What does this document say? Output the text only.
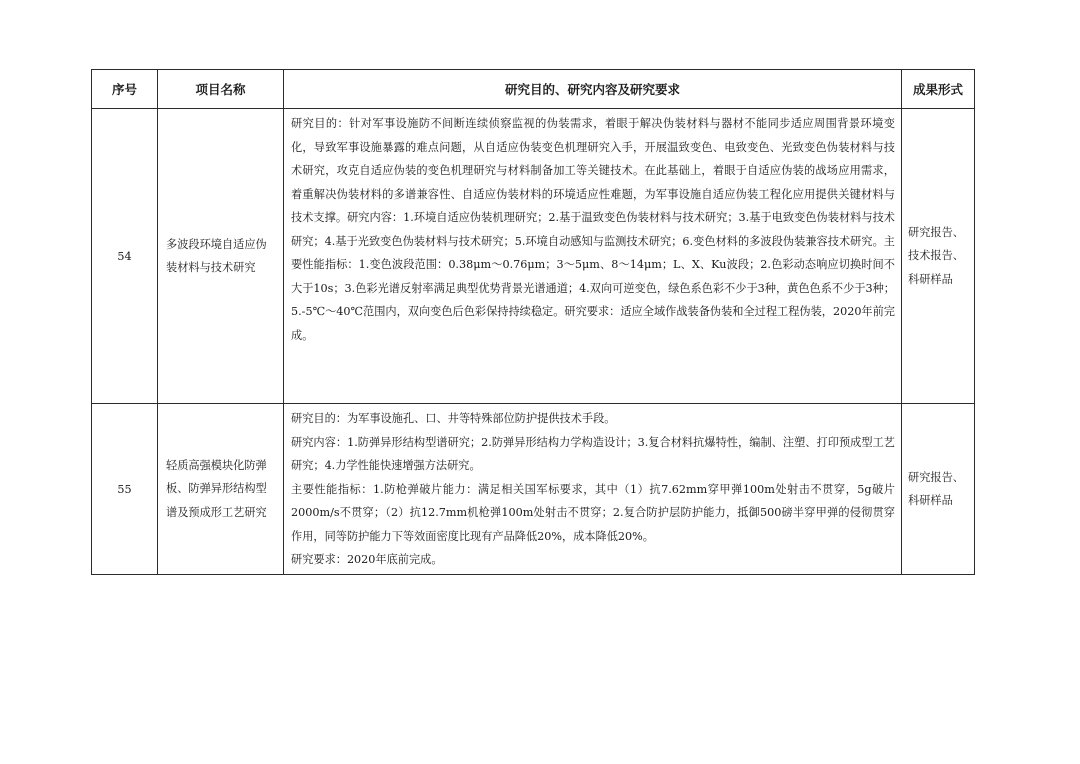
序号	项目名称	研究目的、研究内容及研究要求	成果形式
54	多波段环境自适应伪装材料与技术研究	研究目的：针对军事设施防不间断连续侦察监视的伪装需求，着眼于解决伪装材料与器材不能同步适应周围背景环境变化，导致军事设施暴露的难点问题，从自适应伪装变色机理研究入手，开展温致变色、电致变色、光致变色伪装材料与技术研究，攻克自适应伪装的变色机理研究与材料制备加工等关键技术。在此基础上，着眼于自适应伪装的战场应用需求，着重解决伪装材料的多谱兼容性、自适应伪装材料的环境适应性难题，为军事设施自适应伪装工程化应用提供关键材料与技术支撑。研究内容：1.环境自适应伪装机理研究；2.基于温致变色伪装材料与技术研究；3.基于电致变色伪装材料与技术研究；4.基于光致变色伪装材料与技术研究；5.环境自动感知与监测技术研究；6.变色材料的多波段伪装兼容技术研究。主要性能指标：1.变色波段范围：0.38μm～0.76μm；3～5μm、8～14μm；L、X、Ku波段；2.色彩动态响应切换时间不大于10s；3.色彩光谱反射率满足典型优势背景光谱通道；4.双向可逆变色，绿色系色彩不少于3种，黄色色系不少于3种；5.-5℃～40℃范围内，双向变色后色彩保持持续稳定。研究要求：适应全域作战装备伪装和全过程工程伪装，2020年前完成。	研究报告、技术报告、科研样品
55	轻质高强模块化防弹板、防弹异形结构型谱及预成形工艺研究	研究目的：为军事设施孔、口、井等特殊部位防护提供技术手段。
研究内容：1.防弹异形结构型谱研究；2.防弹异形结构力学构造设计；3.复合材料抗爆特性，编制、注塑、打印预成型工艺研究；4.力学性能快速增强方法研究。
主要性能指标：1.防枪弹破片能力：满足相关国军标要求，其中（1）抗7.62mm穿甲弹100m处射击不贯穿，5g破片2000m/s不贯穿；（2）抗12.7mm机枪弹100m处射击不贯穿；2.复合防护层防护能力，抵御500磅半穿甲弹的侵彻贯穿作用，同等防护能力下等效面密度比现有产品降低20%，成本降低20%。
研究要求：2020年底前完成。	研究报告、科研样品
